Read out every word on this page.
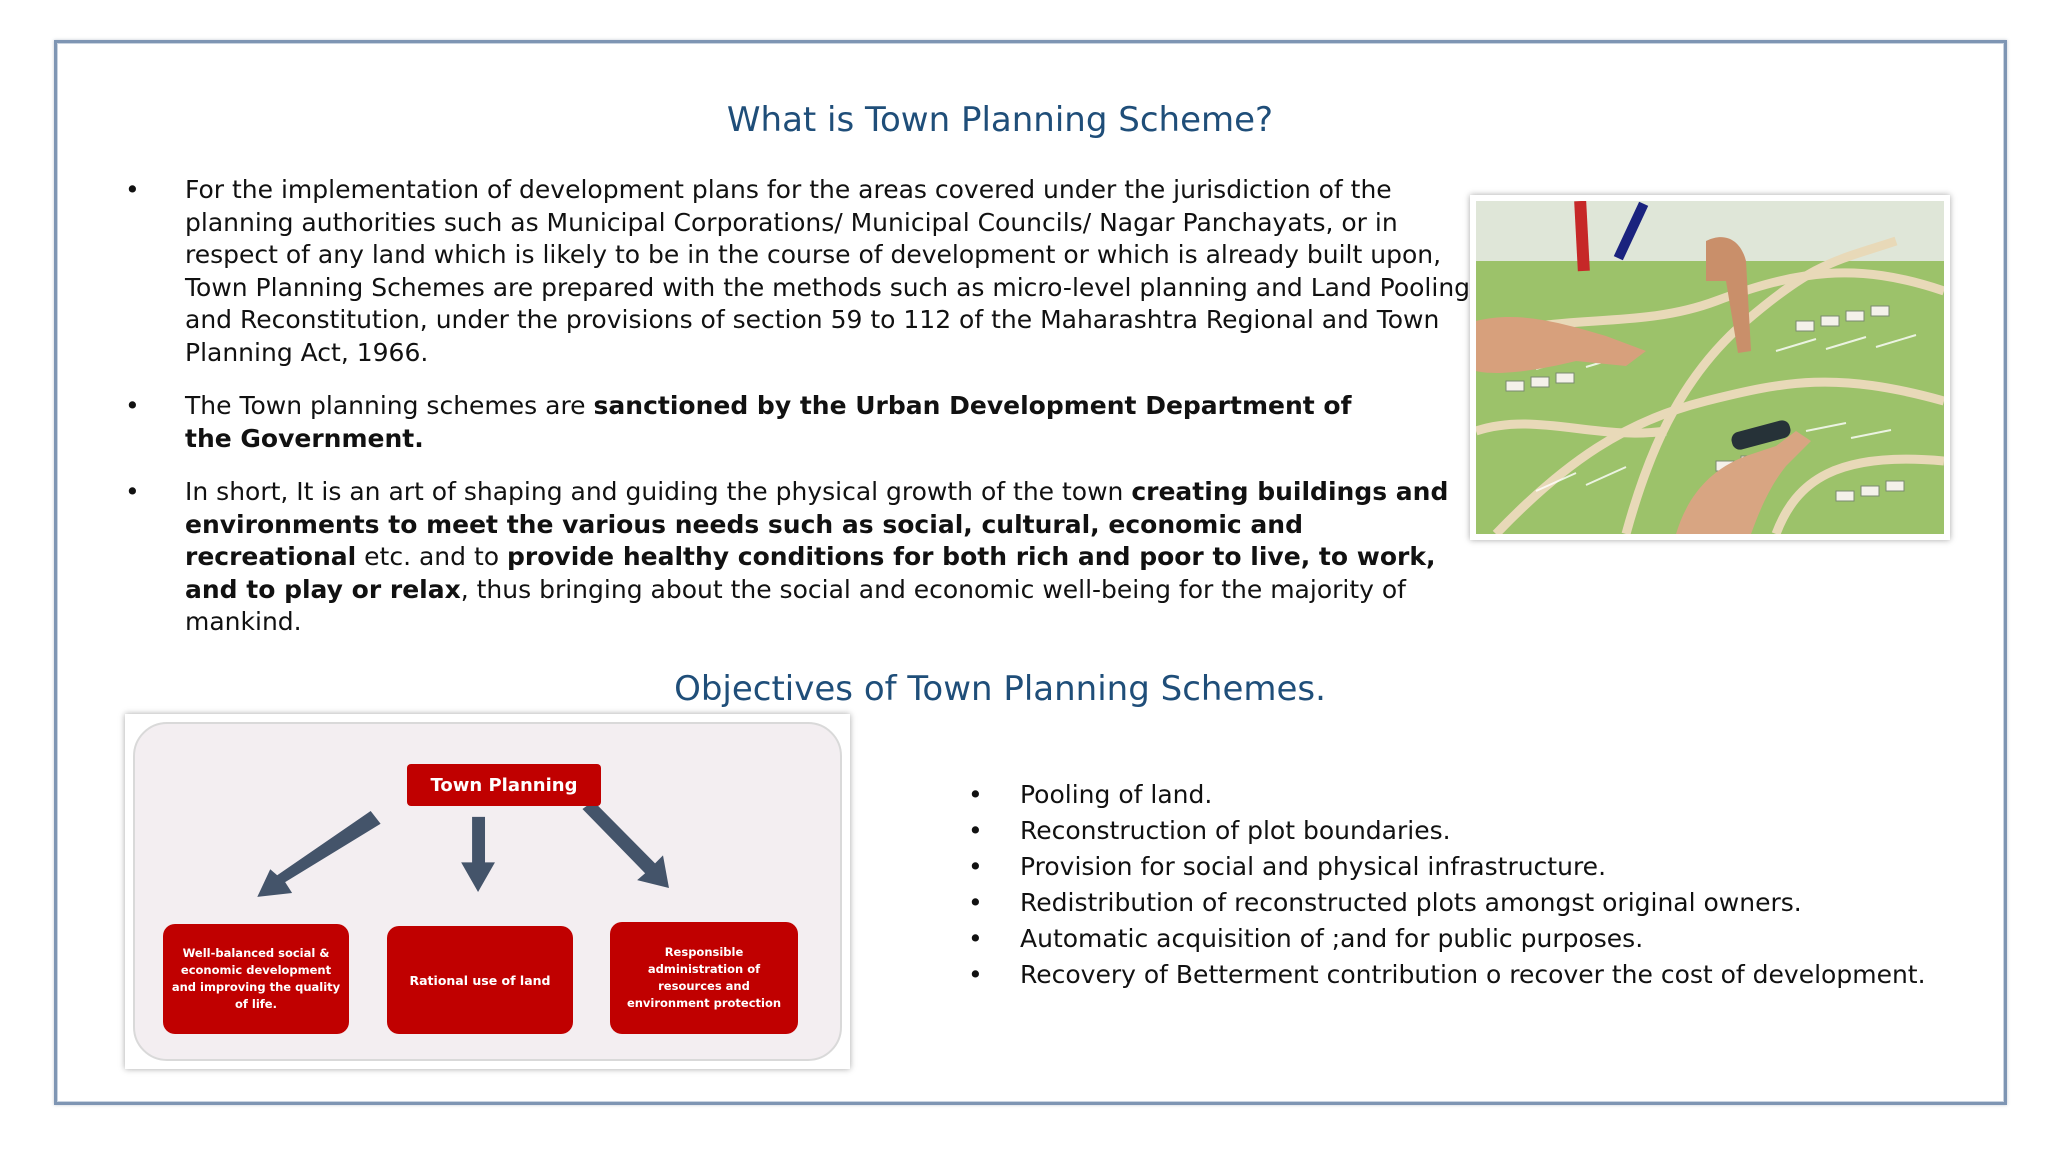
What is Town Planning Scheme?
•	For the implementation of development plans for the areas covered under the jurisdiction of the planning authorities such as Municipal Corporations/ Municipal Councils/ Nagar Panchayats, or in respect of any land which is likely to be in the course of development or which is already built upon, Town Planning Schemes are prepared with the methods such as micro-level planning and Land Pooling and Reconstitution, under the provisions of section 59 to 112 of the Maharashtra Regional and Town Planning Act, 1966.
•	The Town planning schemes are sanctioned by the Urban Development Department of the Government.
•	In short, It is an art of shaping and guiding the physical growth of the town creating buildings and environments to meet the various needs such as social, cultural, economic and recreational etc. and to provide healthy conditions for both rich and poor to live, to work, and to play or relax, thus bringing about the social and economic well-being for the majority of mankind.
Objectives of Town Planning Schemes.
Town Planning
Well-balanced social & economic development and improving the quality of life.
Rational use of land
Responsible administration of resources and environment protection
• Pooling of land.
• Reconstruction of plot boundaries.
• Provision for social and physical infrastructure.
• Redistribution of reconstructed plots amongst original owners.
• Automatic acquisition of ;and for public purposes.
• Recovery of Betterment contribution o recover the cost of development.
